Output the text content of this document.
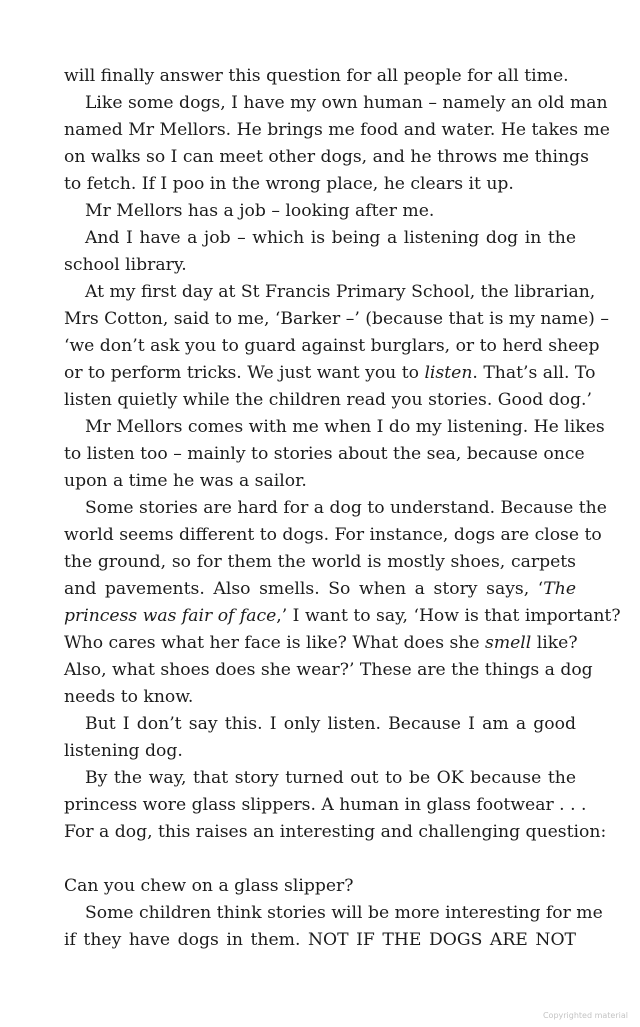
will finally answer this question for all people for all time.
Like some dogs, I have my own human – namely an old man
named Mr Mellors. He brings me food and water. He takes me
on walks so I can meet other dogs, and he throws me things
to fetch. If I poo in the wrong place, he clears it up.
Mr Mellors has a job – looking after me.
And I have a job – which is being a listening dog in the
school library.
At my first day at St Francis Primary School, the librarian,
Mrs Cotton, said to me, ‘Barker –’ (because that is my name) –
‘we don’t ask you to guard against burglars, or to herd sheep
or to perform tricks. We just want you to listen. That’s all. To
listen quietly while the children read you stories. Good dog.’
Mr Mellors comes with me when I do my listening. He likes
to listen too – mainly to stories about the sea, because once
upon a time he was a sailor.
Some stories are hard for a dog to understand. Because the
world seems different to dogs. For instance, dogs are close to
the ground, so for them the world is mostly shoes, carpets
and pavements. Also smells. So when a story says, ‘The
princess was fair of face,’ I want to say, ‘How is that important?
Who cares what her face is like? What does she smell like?
Also, what shoes does she wear?’ These are the things a dog
needs to know.
But I don’t say this. I only listen. Because I am a good
listening dog.
By the way, that story turned out to be OK because the
princess wore glass slippers. A human in glass footwear . . .
For a dog, this raises an interesting and challenging question:
Can you chew on a glass slipper?
Some children think stories will be more interesting for me
if they have dogs in them. NOT IF THE DOGS ARE NOT
Copyrighted material
